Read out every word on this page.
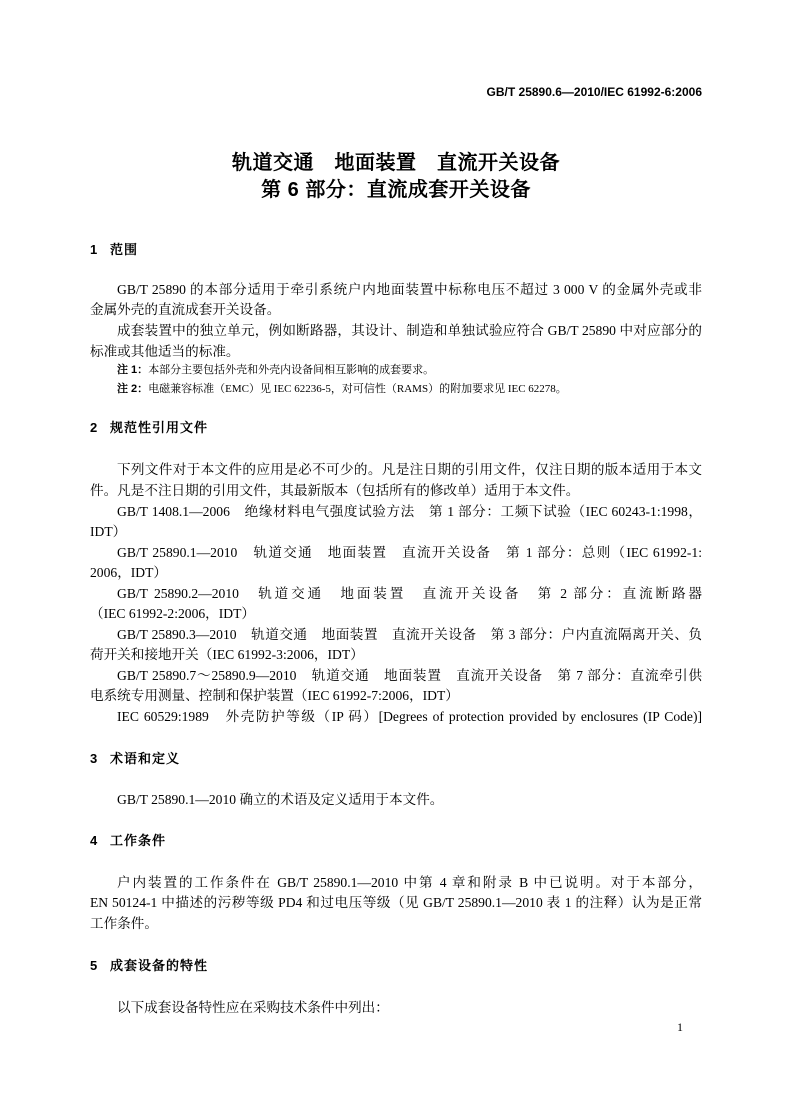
GB/T 25890.6—2010/IEC 61992-6:2006
轨道交通　地面装置　直流开关设备
第 6 部分：直流成套开关设备
1 范围
GB/T 25890 的本部分适用于牵引系统户内地面装置中标称电压不超过 3 000 V 的金属外壳或非
金属外壳的直流成套开关设备。
成套装置中的独立单元，例如断路器，其设计、制造和单独试验应符合 GB/T 25890 中对应部分的
标准或其他适当的标准。
注 1：本部分主要包括外壳和外壳内设备间相互影响的成套要求。
注 2：电磁兼容标准（EMC）见 IEC 62236-5，对可信性（RAMS）的附加要求见 IEC 62278。
2 规范性引用文件
下列文件对于本文件的应用是必不可少的。凡是注日期的引用文件，仅注日期的版本适用于本文
件。凡是不注日期的引用文件，其最新版本（包括所有的修改单）适用于本文件。
GB/T 1408.1—2006　绝缘材料电气强度试验方法　第 1 部分：工频下试验（IEC 60243-1:1998，
IDT）
GB/T 25890.1—2010　轨道交通　地面装置　直流开关设备　第 1 部分：总则（IEC 61992-1:
2006，IDT）
GB/T 25890.2—2010　轨道交通　地面装置　直流开关设备　第 2 部分：直流断路器
（IEC 61992-2:2006，IDT）
GB/T 25890.3—2010　轨道交通　地面装置　直流开关设备　第 3 部分：户内直流隔离开关、负
荷开关和接地开关（IEC 61992-3:2006，IDT）
GB/T 25890.7～25890.9—2010　轨道交通　地面装置　直流开关设备　第 7 部分：直流牵引供
电系统专用测量、控制和保护装置（IEC 61992-7:2006，IDT）
IEC 60529:1989　外壳防护等级（IP 码）[Degrees of protection provided by enclosures (IP Code)]
3 术语和定义
GB/T 25890.1—2010 确立的术语及定义适用于本文件。
4 工作条件
户内装置的工作条件在 GB/T 25890.1—2010 中第 4 章和附录 B 中已说明。对于本部分，
EN 50124-1 中描述的污秽等级 PD4 和过电压等级（见 GB/T 25890.1—2010 表 1 的注释）认为是正常
工作条件。
5 成套设备的特性
以下成套设备特性应在采购技术条件中列出：
1
